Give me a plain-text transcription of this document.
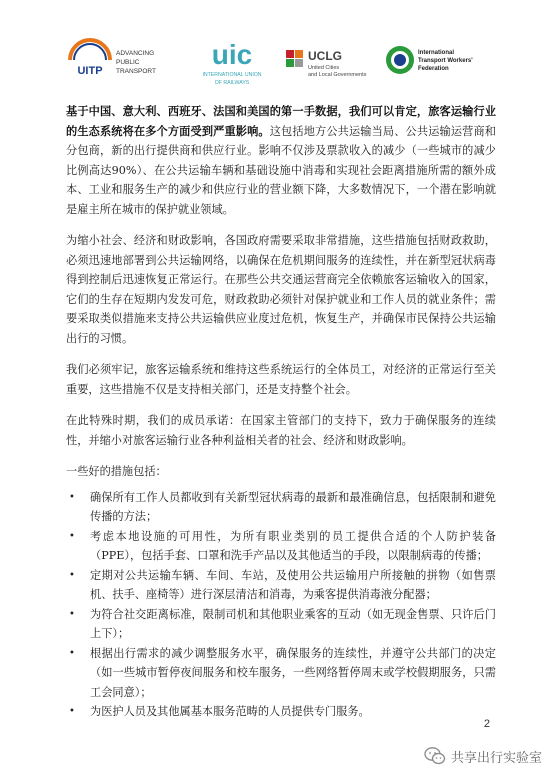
UITP
ADVANCING
PUBLIC
TRANSPORT
uic
INTERNATIONAL UNION
OF RAILWAYS
UCLG
United Cities
and Local Governments
International
Transport Workers'
Federation

基于中国、意大利、西班牙、法国和美国的第一手数据，我们可以肯定，旅客运输行业的生态系统将在多个方面受到严重影响。这包括地方公共运输当局、公共运输运营商和分包商，新的出行提供商和供应行业。影响不仅涉及票款收入的减少（一些城市的减少比例高达90%）、在公共运输车辆和基础设施中消毒和实现社会距离措施所需的额外成本、工业和服务生产的减少和供应行业的营业额下降，大多数情况下，一个潜在影响就是雇主所在城市的保护就业领域。

为缩小社会、经济和财政影响，各国政府需要采取非常措施，这些措施包括财政救助，必须迅速地部署到公共运输网络，以确保在危机期间服务的连续性，并在新型冠状病毒得到控制后迅速恢复正常运行。在那些公共交通运营商完全依赖旅客运输收入的国家，它们的生存在短期内发发可危，财政救助必须针对保护就业和工作人员的就业条件；需要采取类似措施来支持公共运输供应业度过危机，恢复生产，并确保市民保持公共运输出行的习惯。

我们必须牢记，旅客运输系统和维持这些系统运行的全体员工，对经济的正常运行至关重要，这些措施不仅是支持相关部门，还是支持整个社会。

在此特殊时期，我们的成员承诺：在国家主管部门的支持下，致力于确保服务的连续性，并缩小对旅客运输行业各种利益相关者的社会、经济和财政影响。

一些好的措施包括：

• 确保所有工作人员都收到有关新型冠状病毒的最新和最准确信息，包括限制和避免传播的方法；
• 考虑本地设施的可用性，为所有职业类别的员工提供合适的个人防护装备（PPE），包括手套、口罩和洗手产品以及其他适当的手段，以限制病毒的传播；
• 定期对公共运输车辆、车间、车站，及使用公共运输用户所接触的拼物（如售票机、扶手、座椅等）进行深层清洁和消毒，为乘客提供消毒液分配器；
• 为符合社交距离标准，限制司机和其他职业乘客的互动（如无现金售票、只许后门上下）；
• 根据出行需求的减少调整服务水平，确保服务的连续性，并遵守公共部门的决定（如一些城市暂停夜间服务和校车服务，一些网络暂停周末或学校假期服务，只需工会同意）；
• 为医护人员及其他属基本服务范畴的人员提供专门服务。
2
共享出行实验室
